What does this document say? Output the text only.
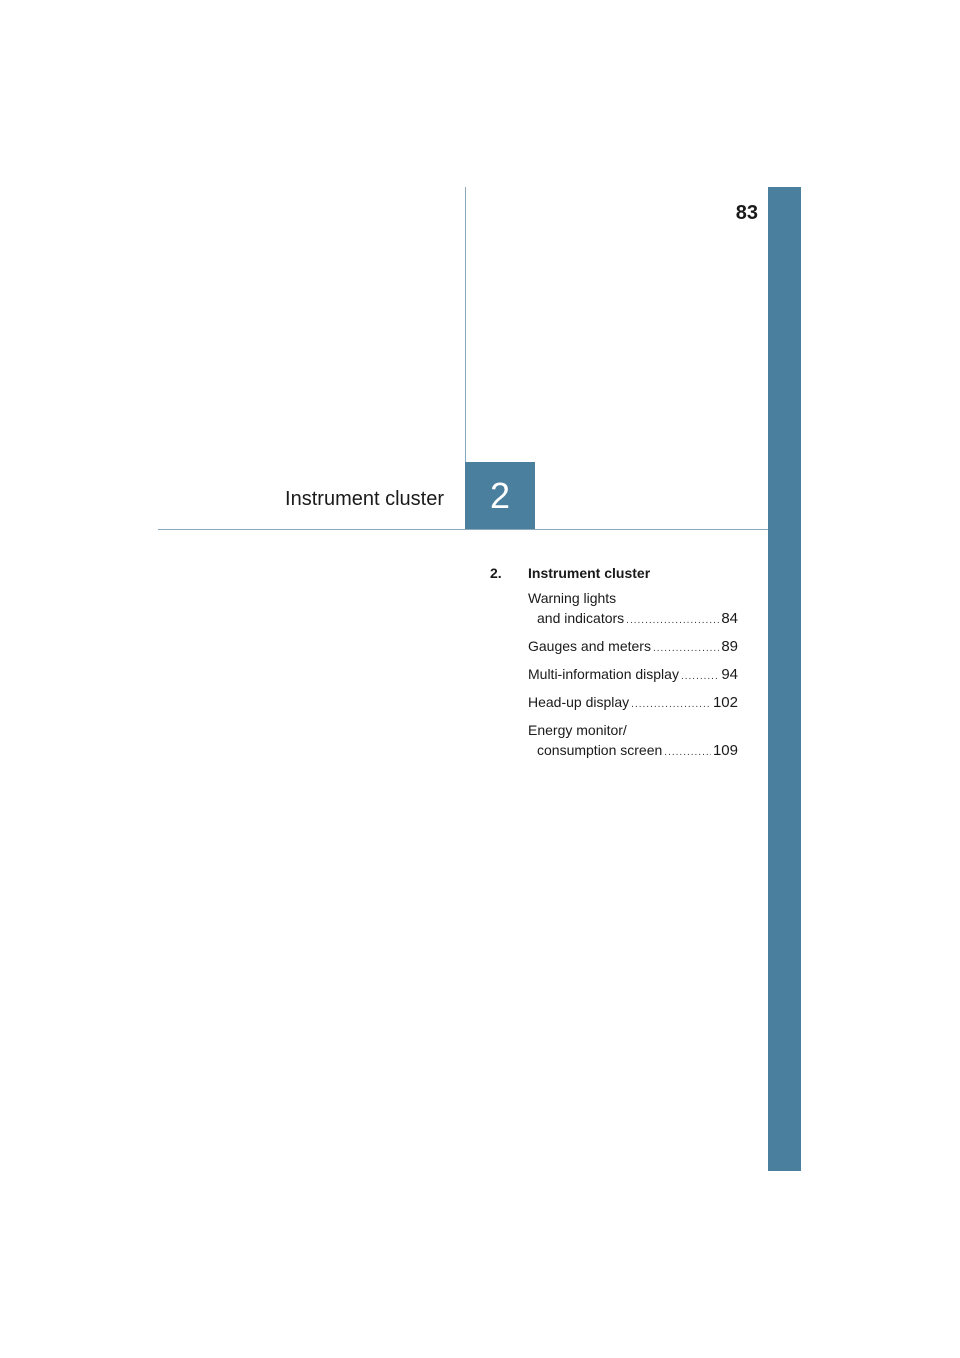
83
Instrument cluster	2
2.	Instrument cluster
Warning lights
and indicators .....	84
Gauges and meters .....	89
Multi-information display .....	94
Head-up display .....	102
Energy monitor/
consumption screen .....	109
